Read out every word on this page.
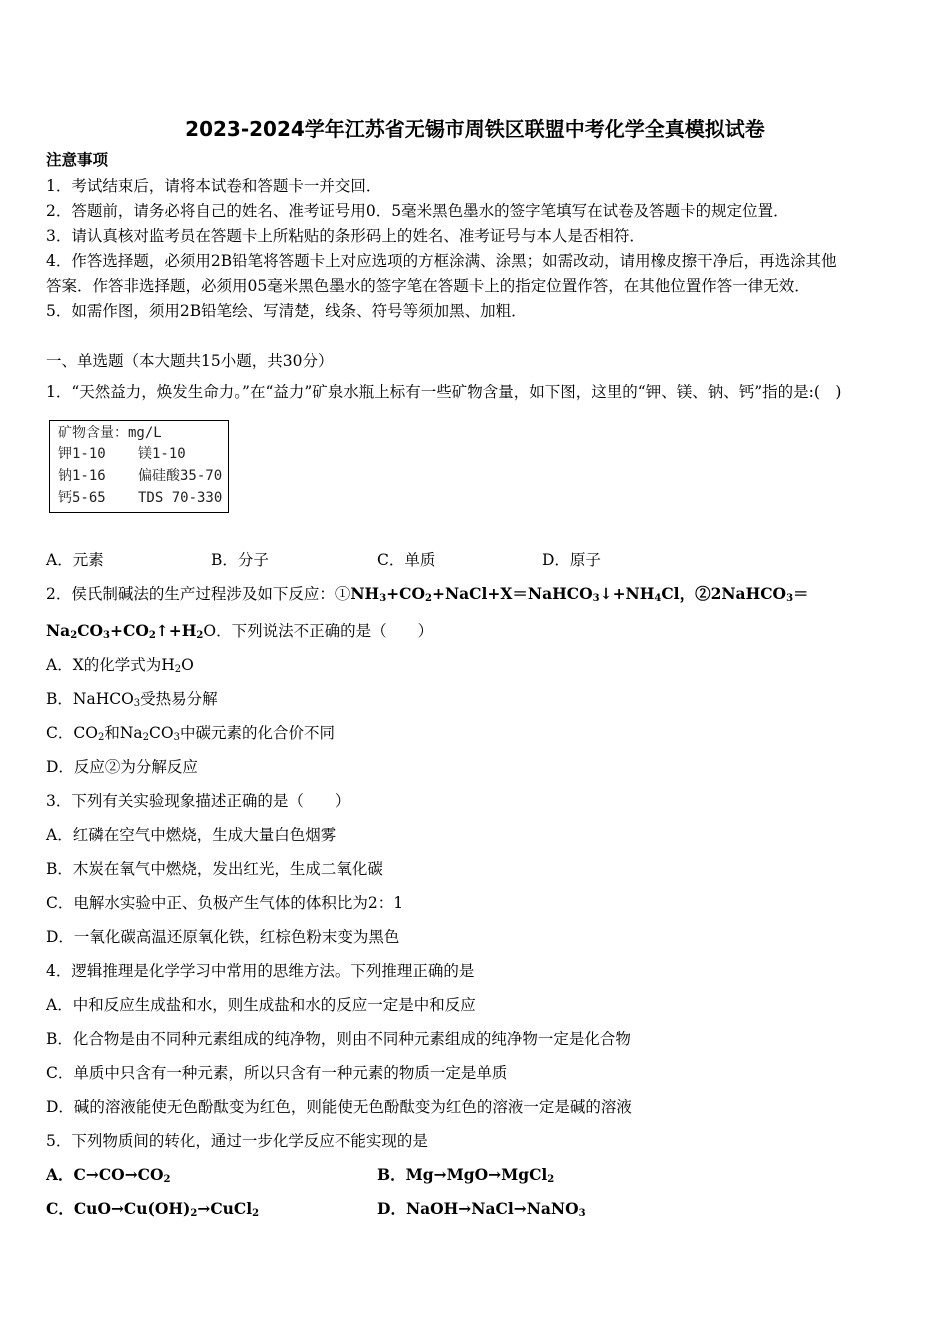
2023-2024学年江苏省无锡市周铁区联盟中考化学全真模拟试卷
注意事项
1．考试结束后，请将本试卷和答题卡一并交回．
2．答题前，请务必将自己的姓名、准考证号用0．5毫米黑色墨水的签字笔填写在试卷及答题卡的规定位置．
3．请认真核对监考员在答题卡上所粘贴的条形码上的姓名、准考证号与本人是否相符．
4．作答选择题，必须用2B铅笔将答题卡上对应选项的方框涂满、涂黑；如需改动，请用橡皮擦干净后，再选涂其他
答案．作答非选择题，必须用05毫米黑色墨水的签字笔在答题卡上的指定位置作答，在其他位置作答一律无效．
5．如需作图，须用2B铅笔绘、写清楚，线条、符号等须加黑、加粗．
一、单选题（本大题共15小题，共30分）
1．“天然益力，焕发生命力。”在“益力”矿泉水瓶上标有一些矿物含量，如下图，这里的“钾、镁、钠、钙”指的是:(　)
矿物含量：mg/L
钾1-10 镁1-10
钠1-16 偏硅酸35-70
钙5-65 TDS 70-330
A．元素	B．分子	C．单质	D．原子
2．侯氏制碱法的生产过程涉及如下反应：$①NH_3+CO_2+NaCl+X=NaHCO_3↓+NH_4Cl$，②2NaHCO$_3$＝
$Na_2CO_3+CO_2↑+H_2O$．下列说法不正确的是（　　）
A．X的化学式为$H_2O$
B．NaHCO$_3$受热易分解
C．$CO_2$和$Na_2CO_3$中碳元素的化合价不同
D．反应②为分解反应
3．下列有关实验现象描述正确的是（　　）
A．红磷在空气中燃烧，生成大量白色烟雾
B．木炭在氧气中燃烧，发出红光，生成二氧化碳
C．电解水实验中正、负极产生气体的体积比为2：1
D．一氧化碳高温还原氧化铁，红棕色粉末变为黑色
4．逻辑推理是化学学习中常用的思维方法。下列推理正确的是
A．中和反应生成盐和水，则生成盐和水的反应一定是中和反应
B．化合物是由不同种元素组成的纯净物，则由不同种元素组成的纯净物一定是化合物
C．单质中只含有一种元素，所以只含有一种元素的物质一定是单质
D．碱的溶液能使无色酚酞变为红色，则能使无色酚酞变为红色的溶液一定是碱的溶液
5．下列物质间的转化，通过一步化学反应不能实现的是
A．$C\to CO\to CO_2$	B．Mg→MgO→MgCl$_2$
C．$CuO\to Cu(OH)_2\to CuCl_2$	D．NaOH→NaCl→NaNO$_3$
